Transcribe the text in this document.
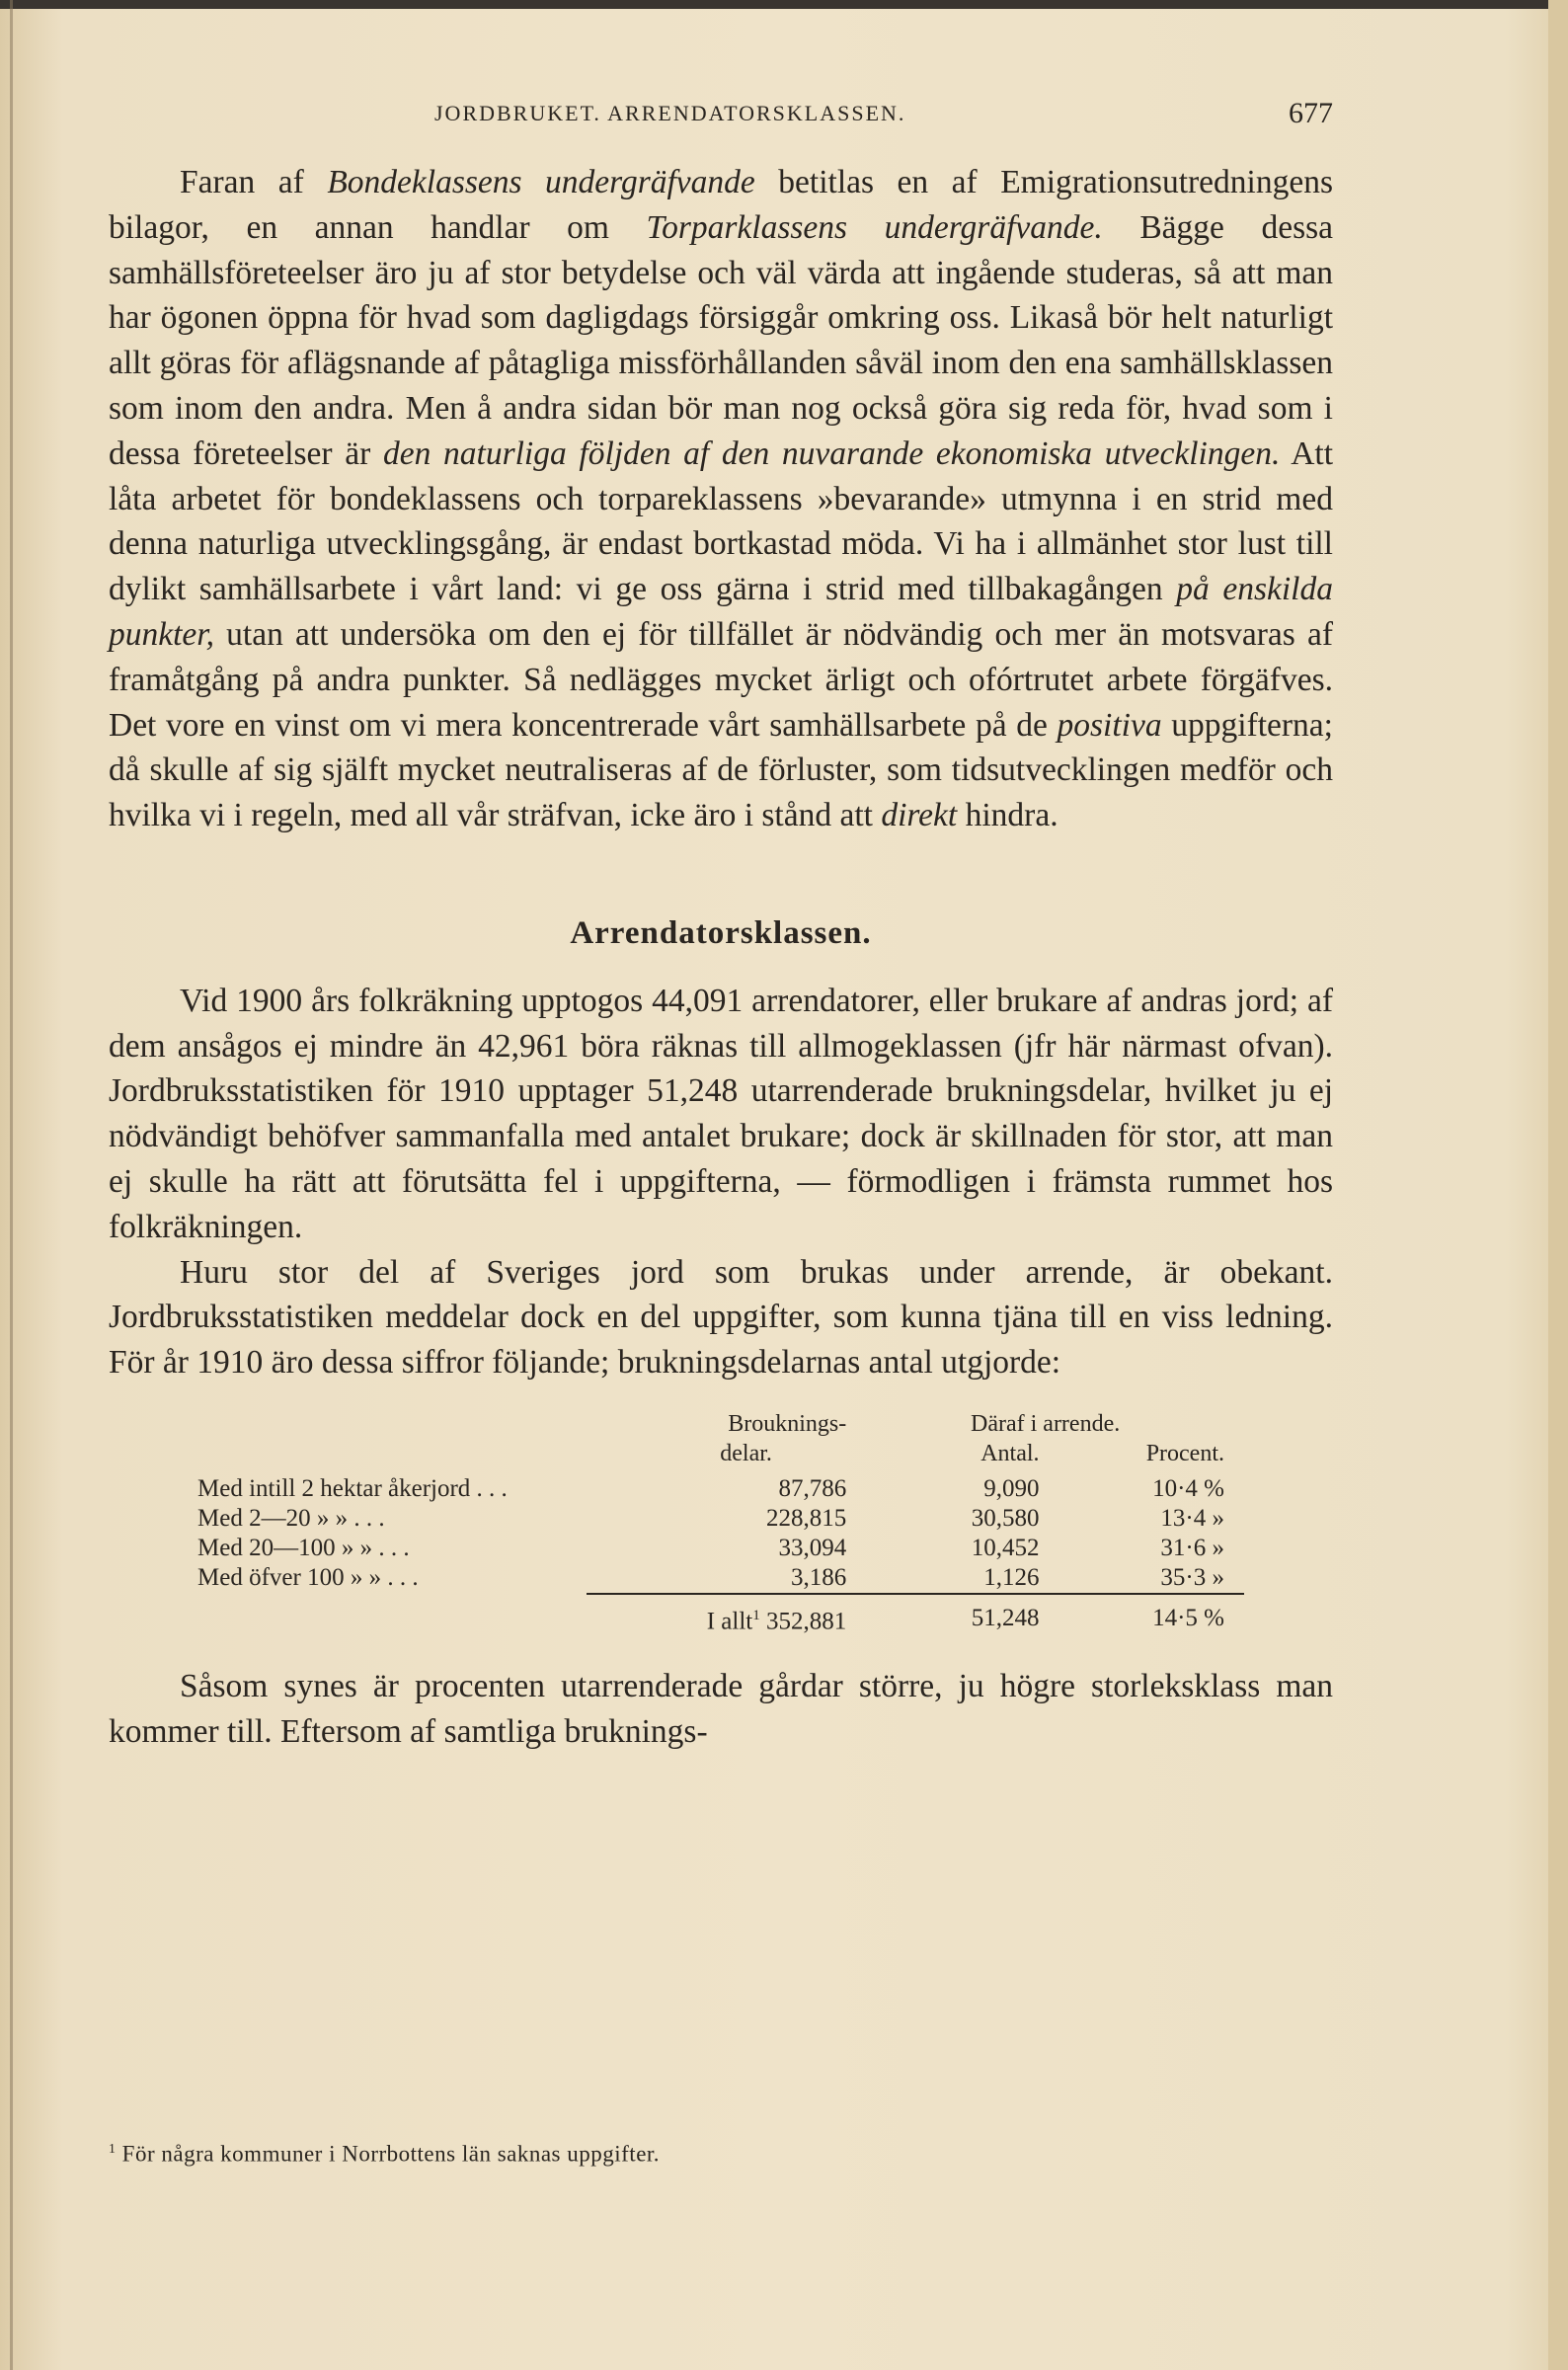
JORDBRUKET. ARRENDATORSKLASSEN.	677

Faran af Bondeklassens undergräfvande betitlas en af Emigrationsutredningens bilagor, en annan handlar om Torparklassens undergräfvande. Bägge dessa samhällsföreteelser äro ju af stor betydelse och väl värda att ingående studeras, så att man har ögonen öppna för hvad som dagligdags försiggår omkring oss. Likaså bör helt naturligt allt göras för aflägsnande af påtagliga missförhållanden såväl inom den ena samhällsklassen som inom den andra. Men å andra sidan bör man nog också göra sig reda för, hvad som i dessa företeelser är den naturliga följden af den nuvarande ekonomiska utvecklingen. Att låta arbetet för bondeklassens och torpareklassens »bevarande» utmynna i en strid med denna naturliga utvecklingsgång, är endast bortkastad möda. Vi ha i allmänhet stor lust till dylikt samhällsarbete i vårt land: vi ge oss gärna i strid med tillbakagången på enskilda punkter, utan att undersöka om den ej för tillfället är nödvändig och mer än motsvaras af framåtgång på andra punkter. Så nedlägges mycket ärligt och ofórtrutet arbete förgäfves. Det vore en vinst om vi mera koncentrerade vårt samhällsarbete på de positiva uppgifterna; då skulle af sig själft mycket neutraliseras af de förluster, som tidsutvecklingen medför och hvilka vi i regeln, med all vår sträfvan, icke äro i stånd att direkt hindra.

Arrendatorsklassen.

Vid 1900 års folkräkning upptogos 44,091 arrendatorer, eller brukare af andras jord; af dem ansågos ej mindre än 42,961 böra räknas till allmogeklassen (jfr här närmast ofvan). Jordbruksstatistiken för 1910 upptager 51,248 utarrenderade brukningsdelar, hvilket ju ej nödvändigt behöfver sammanfalla med antalet brukare; dock är skillnaden för stor, att man ej skulle ha rätt att förutsätta fel i uppgifterna, — förmodligen i främsta rummet hos folkräkningen.

Huru stor del af Sveriges jord som brukas under arrende, är obekant. Jordbruksstatistiken meddelar dock en del uppgifter, som kunna tjäna till en viss ledning. För år 1910 äro dessa siffror följande; brukningsdelarnas antal utgjorde:

	Brouknings-	Däraf i arrende.	
	delar.	Antal.	Procent.

Med intill 2 hektar åkerjord . . .	87,786	9,090	10·4 %
Med 2—20 » » . . .	228,815	30,580	13·4 »
Med 20—100 » » . . .	33,094	10,452	31·6 »
Med öfver 100 » » . . .	3,186	1,126	35·3 »
	I allt$^1$ 352,881	51,248	14·5 %

Såsom synes är procenten utarrenderade gårdar större, ju högre storleksklass man kommer till. Eftersom af samtliga bruknings-

$^1$ För några kommuner i Norrbottens län saknas uppgifter.
